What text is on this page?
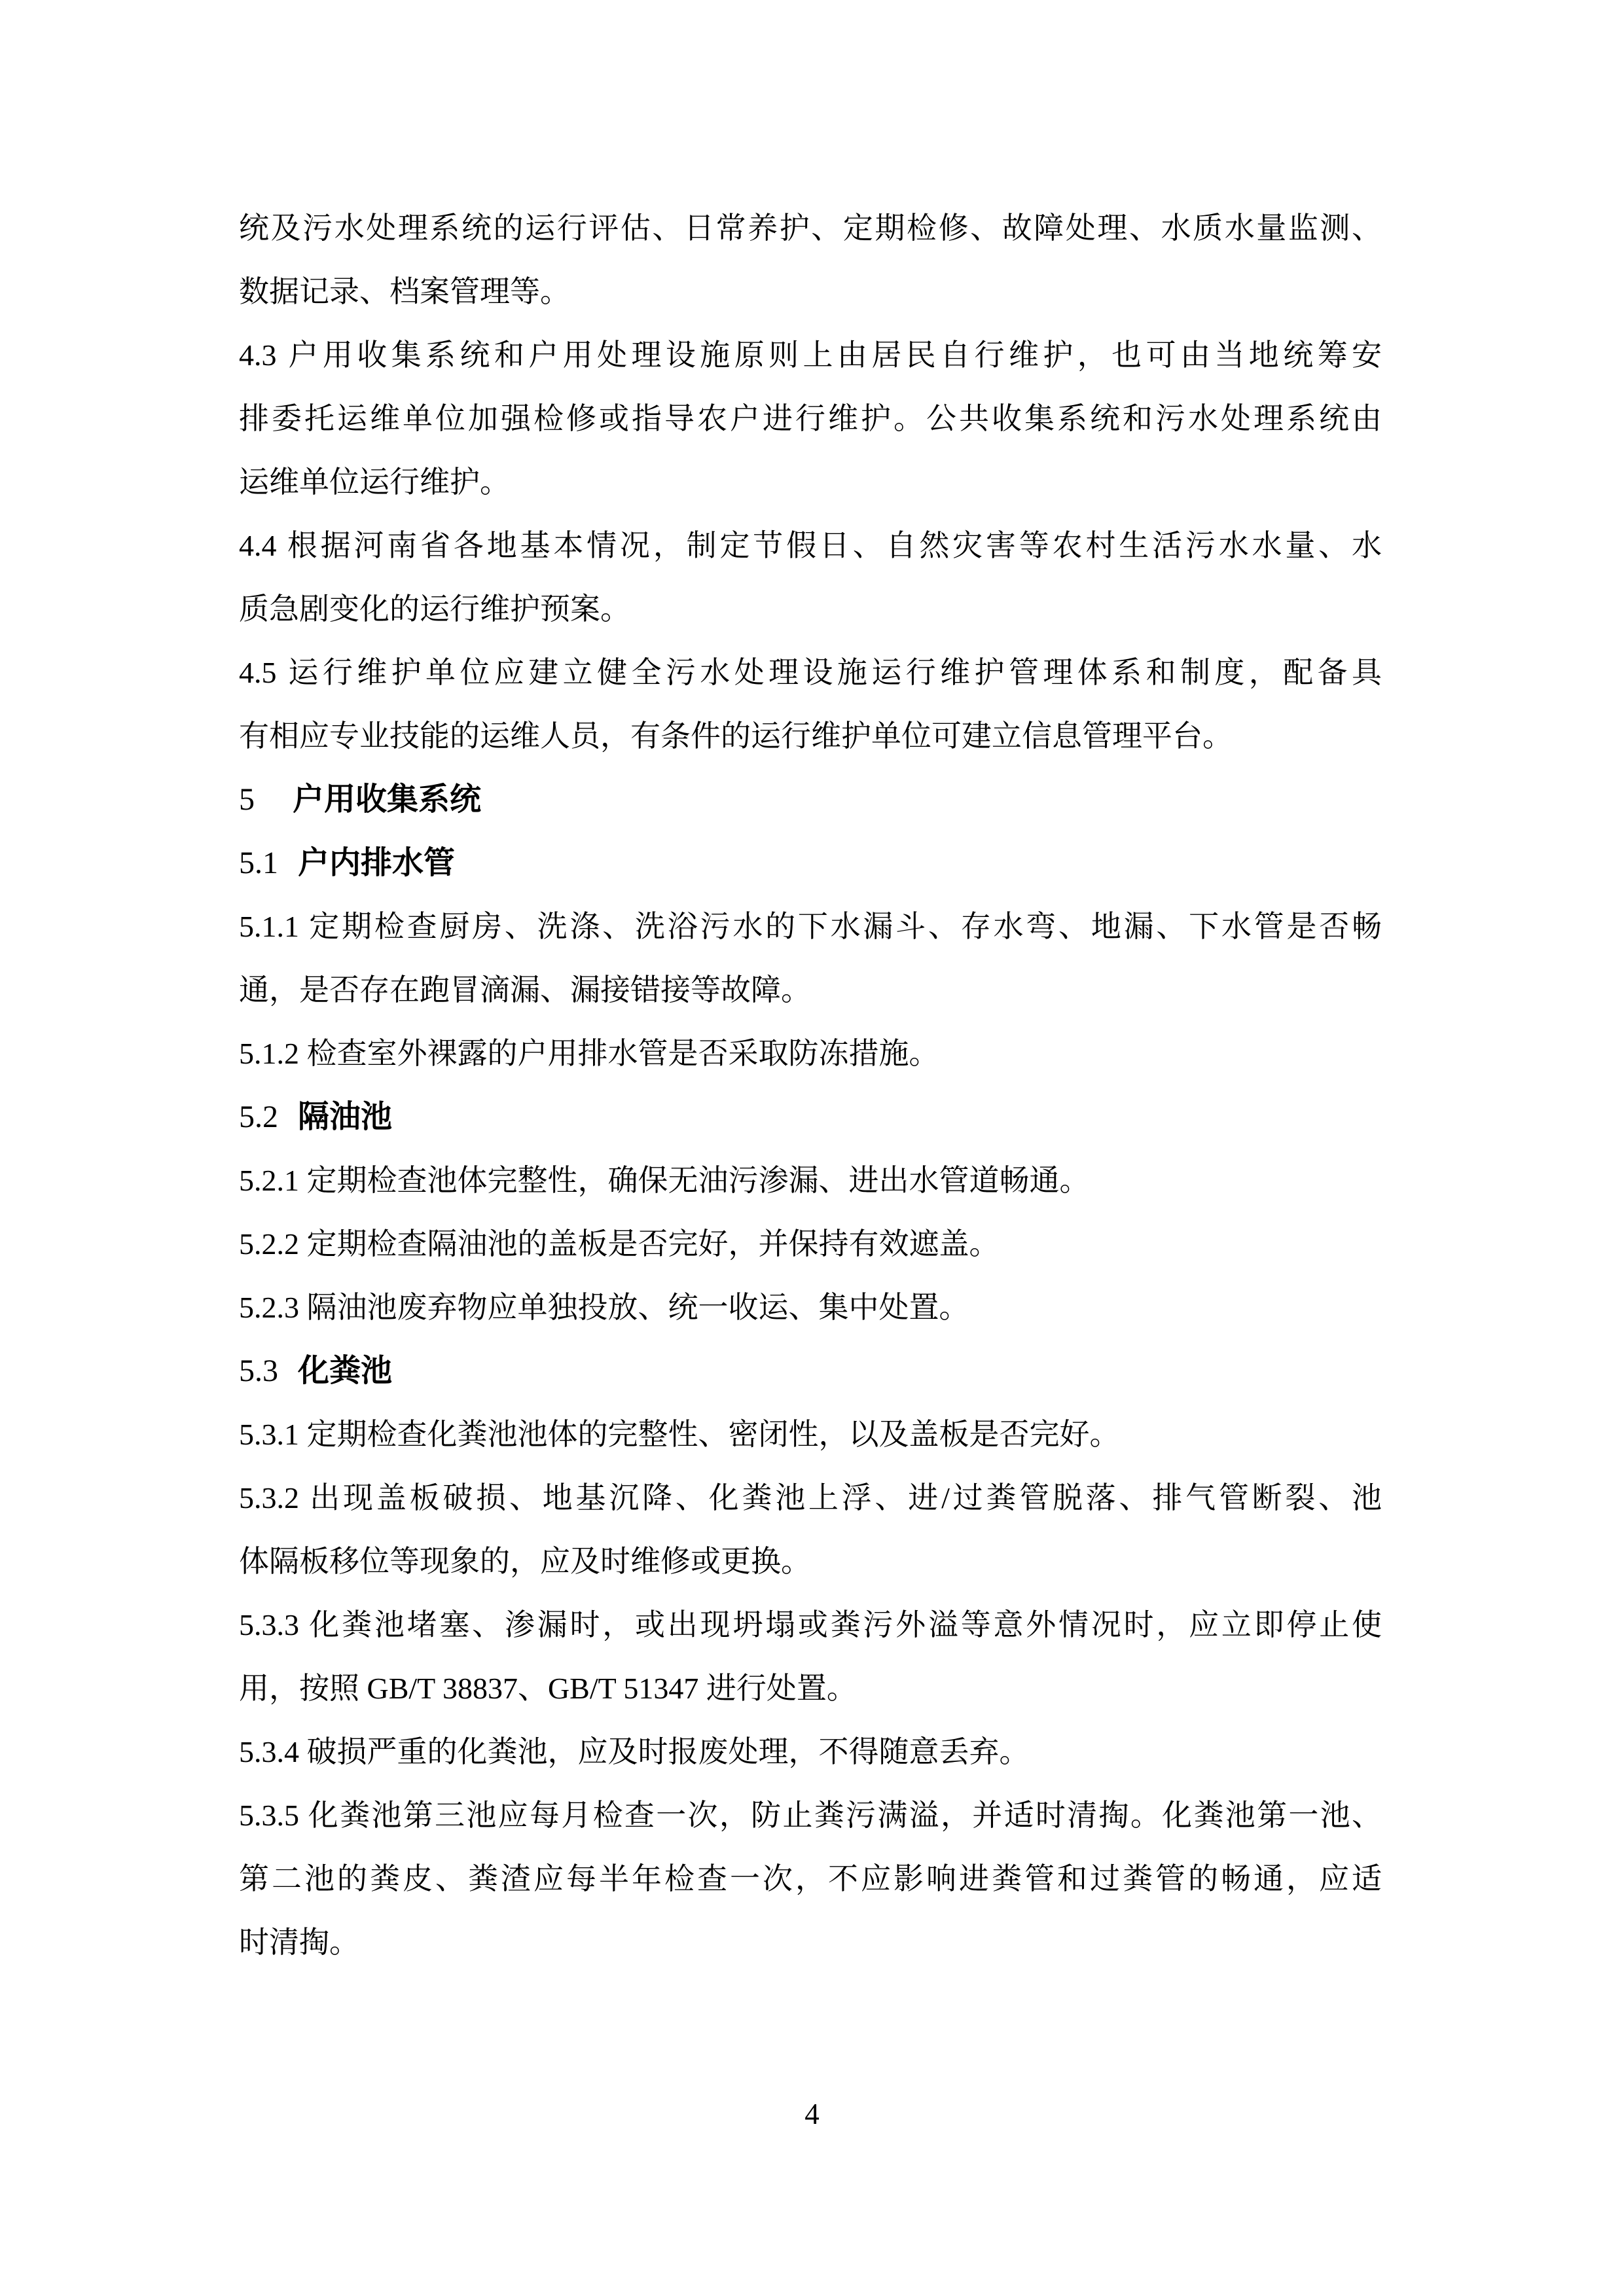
统及污水处理系统的运行评估、日常养护、定期检修、故障处理、水质水量监测、
数据记录、档案管理等。
4.3 户用收集系统和户用处理设施原则上由居民自行维护，也可由当地统筹安
排委托运维单位加强检修或指导农户进行维护。公共收集系统和污水处理系统由
运维单位运行维护。
4.4 根据河南省各地基本情况，制定节假日、自然灾害等农村生活污水水量、水
质急剧变化的运行维护预案。
4.5 运行维护单位应建立健全污水处理设施运行维护管理体系和制度，配备具
有相应专业技能的运维人员，有条件的运行维护单位可建立信息管理平台。
5 户用收集系统
5.1 户内排水管
5.1.1 定期检查厨房、洗涤、洗浴污水的下水漏斗、存水弯、地漏、下水管是否畅
通，是否存在跑冒滴漏、漏接错接等故障。
5.1.2 检查室外裸露的户用排水管是否采取防冻措施。
5.2 隔油池
5.2.1 定期检查池体完整性，确保无油污渗漏、进出水管道畅通。
5.2.2 定期检查隔油池的盖板是否完好，并保持有效遮盖。
5.2.3 隔油池废弃物应单独投放、统一收运、集中处置。
5.3 化粪池
5.3.1 定期检查化粪池池体的完整性、密闭性，以及盖板是否完好。
5.3.2 出现盖板破损、地基沉降、化粪池上浮、进/过粪管脱落、排气管断裂、池
体隔板移位等现象的，应及时维修或更换。
5.3.3 化粪池堵塞、渗漏时，或出现坍塌或粪污外溢等意外情况时，应立即停止使
用，按照 GB/T 38837、GB/T 51347 进行处置。
5.3.4 破损严重的化粪池，应及时报废处理，不得随意丢弃。
5.3.5 化粪池第三池应每月检查一次，防止粪污满溢，并适时清掏。化粪池第一池、
第二池的粪皮、粪渣应每半年检查一次，不应影响进粪管和过粪管的畅通，应适
时清掏。
4
